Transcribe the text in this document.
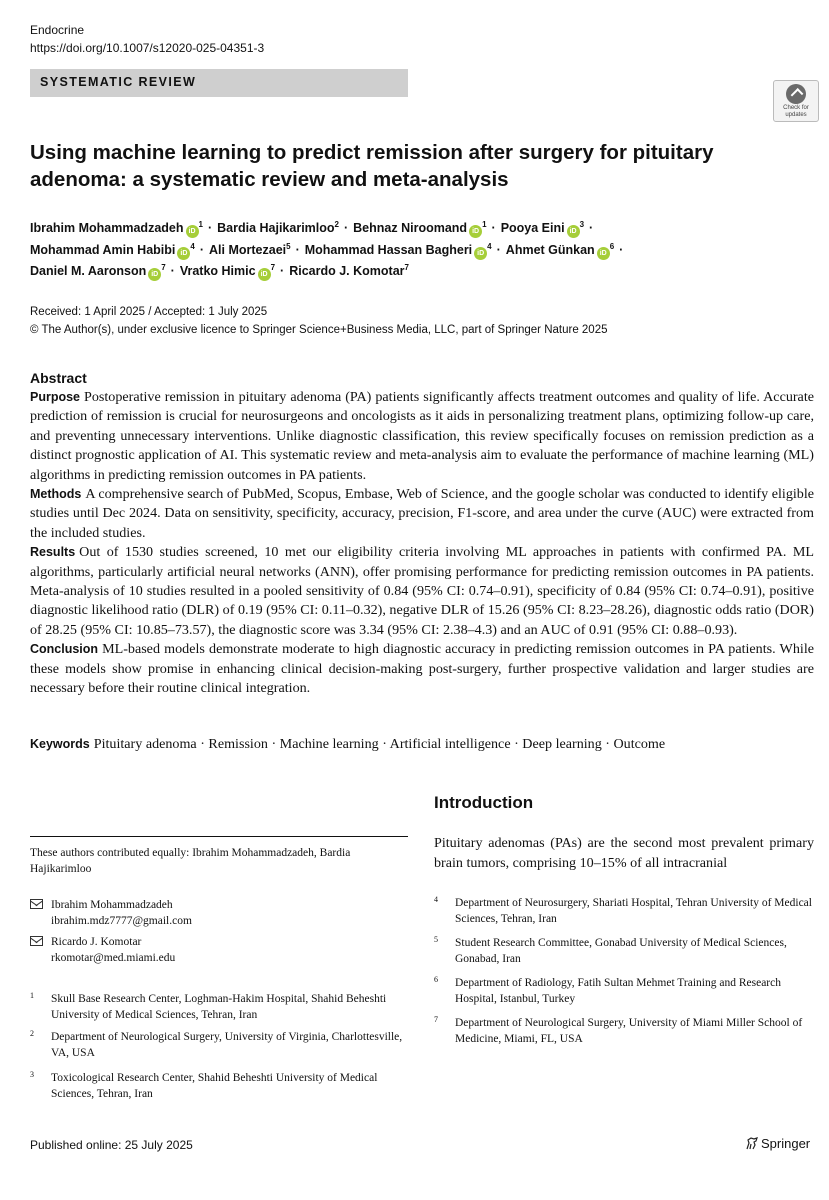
Endocrine
https://doi.org/10.1007/s12020-025-04351-3
SYSTEMATIC REVIEW
Check for
updates
Using machine learning to predict remission after surgery for pituitary adenoma: a systematic review and meta-analysis
Ibrahim Mohammadzadeh $iD^1$ · Bardia Hajikarimloo$^2$ · Behnaz Niroomand $iD^1$ · Pooya Eini $iD^3$ ·
Mohammad Amin Habibi $iD^4$ · Ali Mortezaei$^5$ · Mohammad Hassan Bagheri $iD^4$ · Ahmet Günkan $iD^6$ ·
Daniel M. Aaronson $iD^7$ · Vratko Himic $iD^7$ · Ricardo J. Komotar$^7$
Received: 1 April 2025 / Accepted: 1 July 2025
© The Author(s), under exclusive licence to Springer Science+Business Media, LLC, part of Springer Nature 2025
Abstract

Purpose Postoperative remission in pituitary adenoma (PA) patients significantly affects treatment outcomes and quality of life. Accurate prediction of remission is crucial for neurosurgeons and oncologists as it aids in personalizing treatment plans, optimizing follow-up care, and preventing unnecessary interventions. Unlike diagnostic classification, this review specifically focuses on remission prediction as a distinct prognostic application of AI. This systematic review and meta-analysis aim to evaluate the performance of machine learning (ML) algorithms in predicting remission outcomes in PA patients.

Methods A comprehensive search of PubMed, Scopus, Embase, Web of Science, and the google scholar was conducted to identify eligible studies until Dec 2024. Data on sensitivity, specificity, accuracy, precision, F1-score, and area under the curve (AUC) were extracted from the included studies.

Results Out of 1530 studies screened, 10 met our eligibility criteria involving ML approaches in patients with confirmed PA. ML algorithms, particularly artificial neural networks (ANN), offer promising performance for predicting remission outcomes in PA patients. Meta-analysis of 10 studies resulted in a pooled sensitivity of 0.84 (95% CI: 0.74–0.91), specificity of 0.84 (95% CI: 0.74–0.91), positive diagnostic likelihood ratio (DLR) of 0.19 (95% CI: 0.11–0.32), negative DLR of 15.26 (95% CI: 8.23–28.26), diagnostic odds ratio (DOR) of 28.25 (95% CI: 10.85–73.57), the diagnostic score was 3.34 (95% CI: 2.38–4.3) and an AUC of 0.91 (95% CI: 0.88–0.93).

Conclusion ML-based models demonstrate moderate to high diagnostic accuracy in predicting remission outcomes in PA patients. While these models show promise in enhancing clinical decision-making post-surgery, further prospective validation and larger studies are necessary before their routine clinical integration.

Keywords Pituitary adenoma · Remission · Machine learning · Artificial intelligence · Deep learning · Outcome
Introduction

Pituitary adenomas (PAs) are the second most prevalent primary brain tumors, comprising 10–15% of all intracranial

These authors contributed equally: Ibrahim Mohammadzadeh, Bardia Hajikarimloo
Ibrahim Mohammadzadeh
ibrahim.mdz7777@gmail.com
Ricardo J. Komotar
rkomotar@med.miami.edu
1 Skull Base Research Center, Loghman-Hakim Hospital, Shahid Beheshti University of Medical Sciences, Tehran, Iran
2 Department of Neurological Surgery, University of Virginia, Charlottesville, VA, USA
3 Toxicological Research Center, Shahid Beheshti University of Medical Sciences, Tehran, Iran
4 Department of Neurosurgery, Shariati Hospital, Tehran University of Medical Sciences, Tehran, Iran
5 Student Research Committee, Gonabad University of Medical Sciences, Gonabad, Iran
6 Department of Radiology, Fatih Sultan Mehmet Training and Research Hospital, Istanbul, Turkey
7 Department of Neurological Surgery, University of Miami Miller School of Medicine, Miami, FL, USA
Published online: 25 July 2025	Springer
